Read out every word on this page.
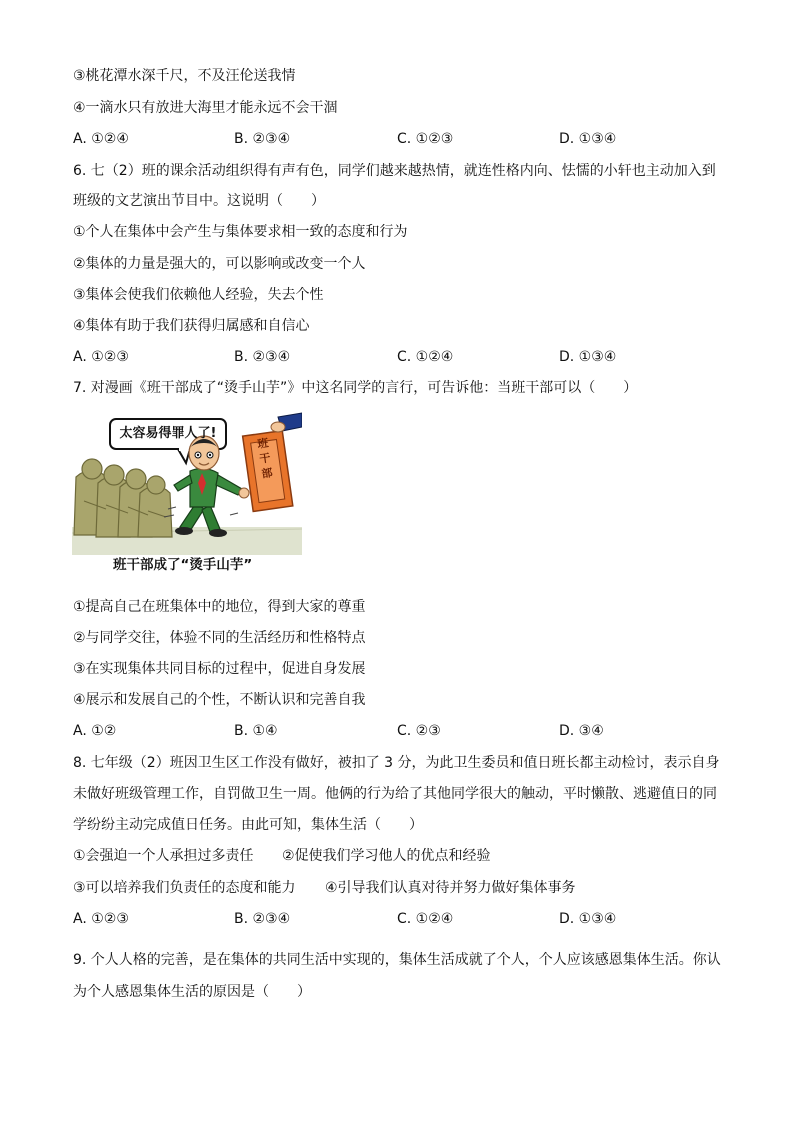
③桃花潭水深千尺，不及汪伦送我情
④一滴水只有放进大海里才能永远不会干涸
A. ①②④	B. ②③④	C. ①②③	D. ①③④
6. 七（2）班的课余活动组织得有声有色，同学们越来越热情，就连性格内向、怯懦的小轩也主动加入到
班级的文艺演出节目中。这说明（　　）
①个人在集体中会产生与集体要求相一致的态度和行为
②集体的力量是强大的，可以影响或改变一个人
③集体会使我们依赖他人经验，失去个性
④集体有助于我们获得归属感和自信心
A. ①②③	B. ②③④	C. ①②④	D. ①③④
7. 对漫画《班干部成了“烫手山芋”》中这名同学的言行，可告诉他：当班干部可以（　　）
太容易得罪人了!
班干部
班干部成了“烫手山芋”
①提高自己在班集体中的地位，得到大家的尊重
②与同学交往，体验不同的生活经历和性格特点
③在实现集体共同目标的过程中，促进自身发展
④展示和发展自己的个性，不断认识和完善自我
A. ①②	B. ①④	C. ②③	D. ③④
8. 七年级（2）班因卫生区工作没有做好，被扣了 3 分，为此卫生委员和值日班长都主动检讨，表示自身
未做好班级管理工作，自罚做卫生一周。他俩的行为给了其他同学很大的触动，平时懒散、逃避值日的同
学纷纷主动完成值日任务。由此可知，集体生活（　　）
①会强迫一个人承担过多责任 ②促使我们学习他人的优点和经验
③可以培养我们负责任的态度和能力 ④引导我们认真对待并努力做好集体事务
A. ①②③	B. ②③④	C. ①②④	D. ①③④
9. 个人人格的完善，是在集体的共同生活中实现的，集体生活成就了个人，个人应该感恩集体生活。你认
为个人感恩集体生活的原因是（　　）
